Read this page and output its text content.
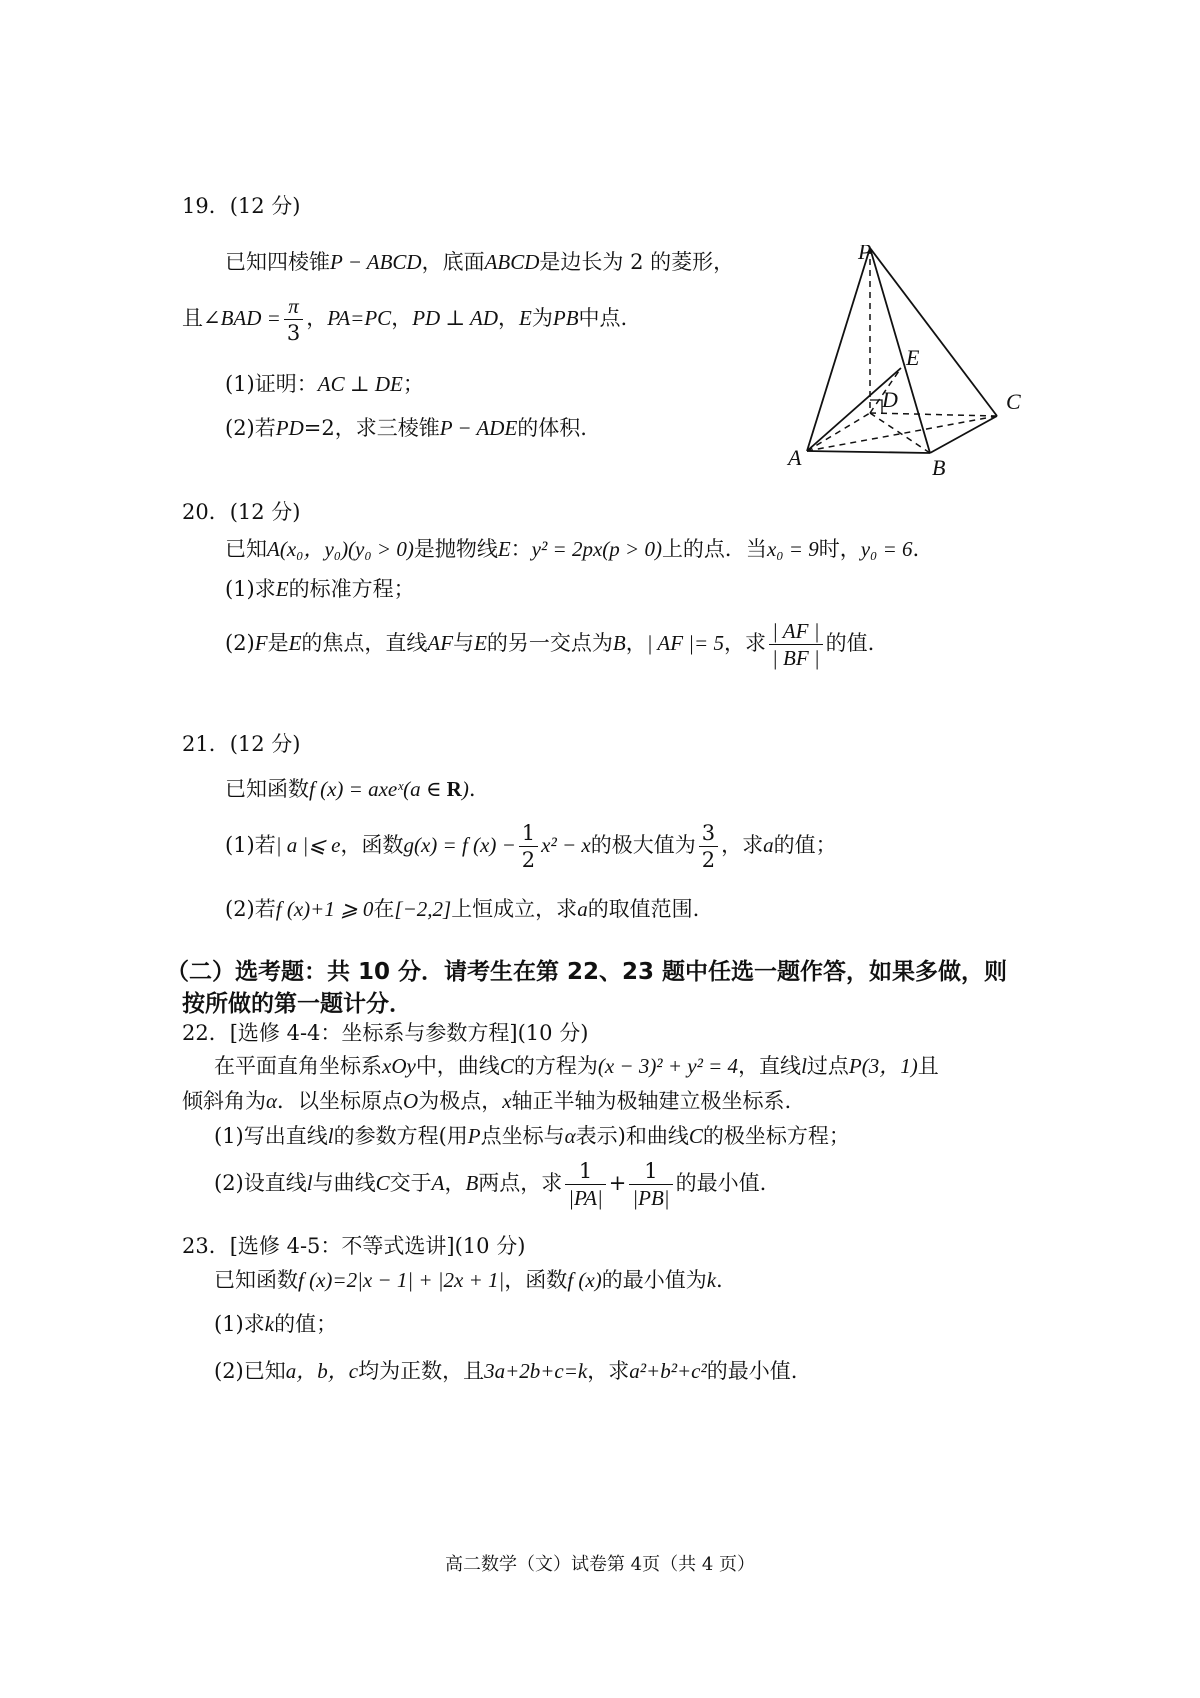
19．(12 分)
已知四棱锥P − ABCD，底面ABCD是边长为 2 的菱形，
且∠BAD = $\frac{\pi}{3}$ ，PA=PC，PD ⊥ AD，E为PB中点.
(1)证明：AC ⊥ DE；
(2)若PD=2，求三棱锥P − ADE的体积.
P
E
D	C
A	B
20．(12 分)
已知A(x₀，y₀)(y₀ > 0)是抛物线E：y² = 2px(p > 0)上的点．当x₀ = 9时，y₀ = 6.
(1)求E的标准方程；
(2)F是E的焦点，直线AF与E的另一交点为B，| AF |= 5，求 $\frac{| AF |}{| BF |}$ 的值.
21．(12 分)
已知函数f (x) = axeˣ(a ∈ R).
(1)若| a |⩽ e，函数g(x) = f $(x) - \frac{1}{2} x^2 - x$的极大值为 $\frac{3}{2}$ ，求a的值；
(2)若f (x)+1 ⩾ 0在[−2,2]上恒成立，求a的取值范围.
（二）选考题：共 10 分．请考生在第 22、23 题中任选一题作答，如果多做，则
按所做的第一题计分．
22．[选修 4-4：坐标系与参数方程](10 分)
在平面直角坐标系xOy中，曲线C的方程为(x − 3)² + y² = 4，直线l过点P(3，1)且
倾斜角为α．以坐标原点O为极点，x轴正半轴为极轴建立极坐标系.
(1)写出直线l的参数方程(用P点坐标与α表示)和曲线C的极坐标方程；
(2)设直线l与曲线C交于A，B两点，求 $\frac{1}{|PA|} + \frac{1}{|PB|}$ 的最小值.
23．[选修 4-5：不等式选讲](10 分)
已知函数f (x)=2|x − 1| + |2x + 1|，函数f (x)的最小值为k.
(1)求k的值；
(2)已知a，b，c均为正数，且3a+2b+c=k，求a²+b²+c²的最小值.
高二数学（文）试卷第 4页（共 4 页）
